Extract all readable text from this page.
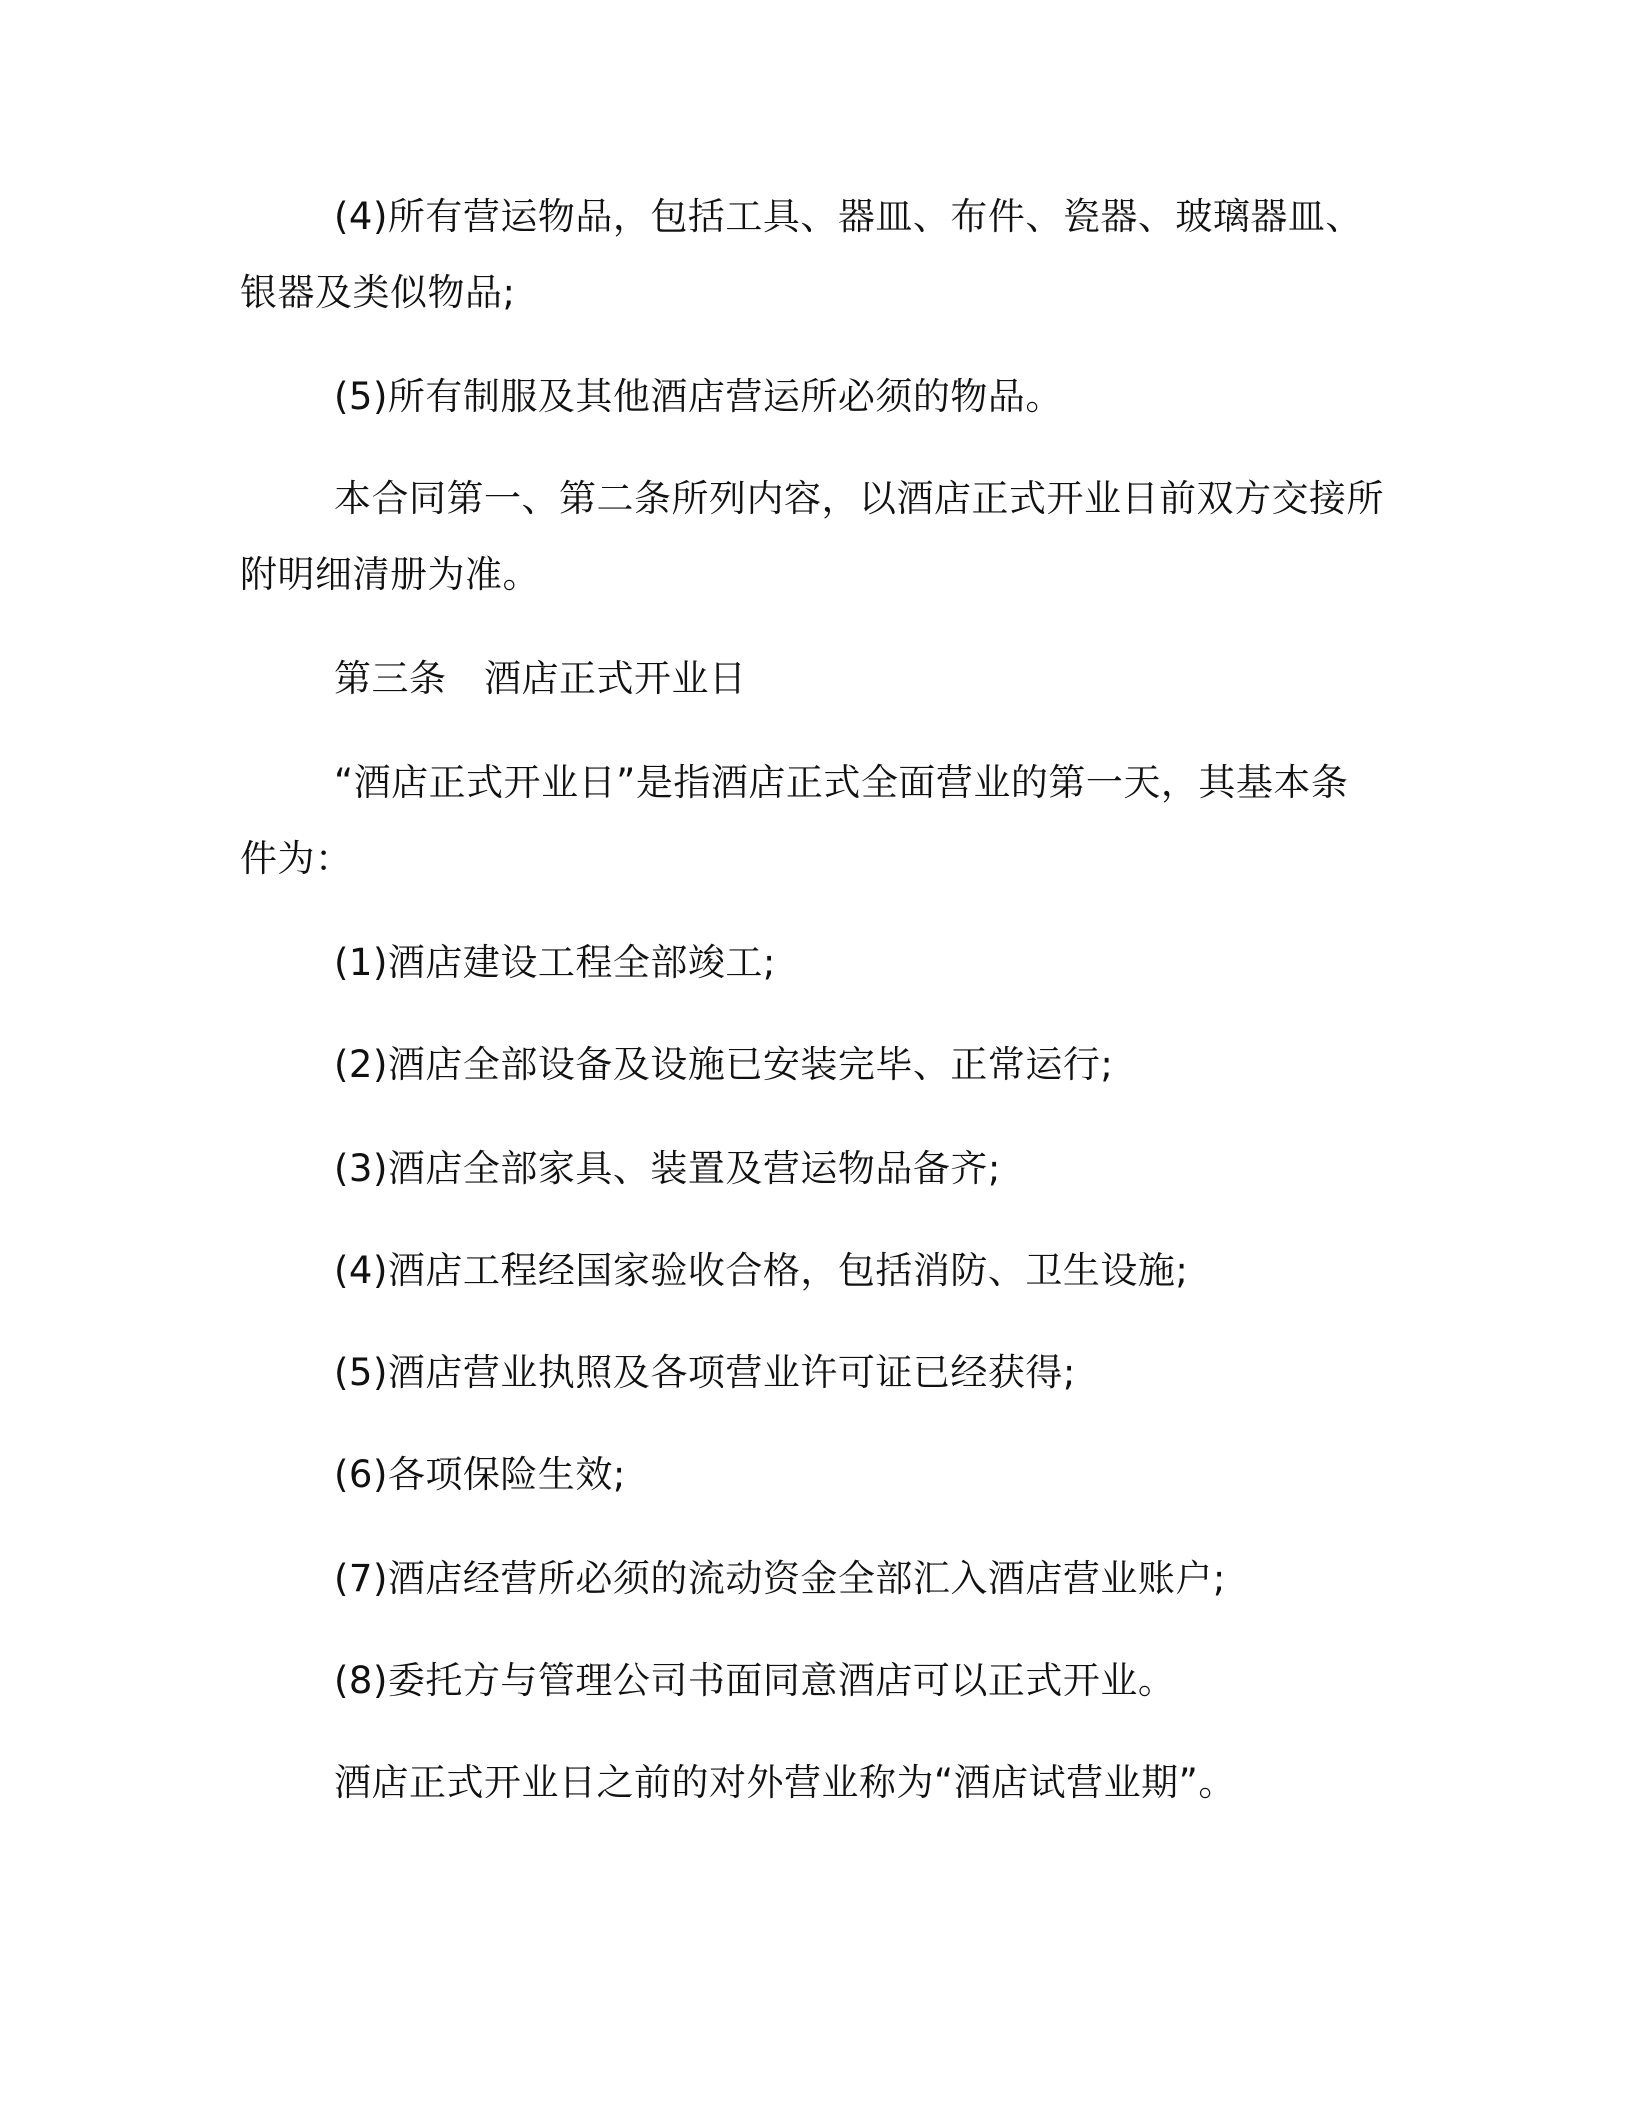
(4)所有营运物品，包括工具、器皿、布件、瓷器、玻璃器皿、
银器及类似物品;
(5)所有制服及其他酒店营运所必须的物品。
本合同第一、第二条所列内容，以酒店正式开业日前双方交接所
附明细清册为准。
第三条　酒店正式开业日
“酒店正式开业日”是指酒店正式全面营业的第一天，其基本条
件为：
(1)酒店建设工程全部竣工;
(2)酒店全部设备及设施已安装完毕、正常运行;
(3)酒店全部家具、装置及营运物品备齐;
(4)酒店工程经国家验收合格，包括消防、卫生设施;
(5)酒店营业执照及各项营业许可证已经获得;
(6)各项保险生效;
(7)酒店经营所必须的流动资金全部汇入酒店营业账户;
(8)委托方与管理公司书面同意酒店可以正式开业。
酒店正式开业日之前的对外营业称为“酒店试营业期”。
